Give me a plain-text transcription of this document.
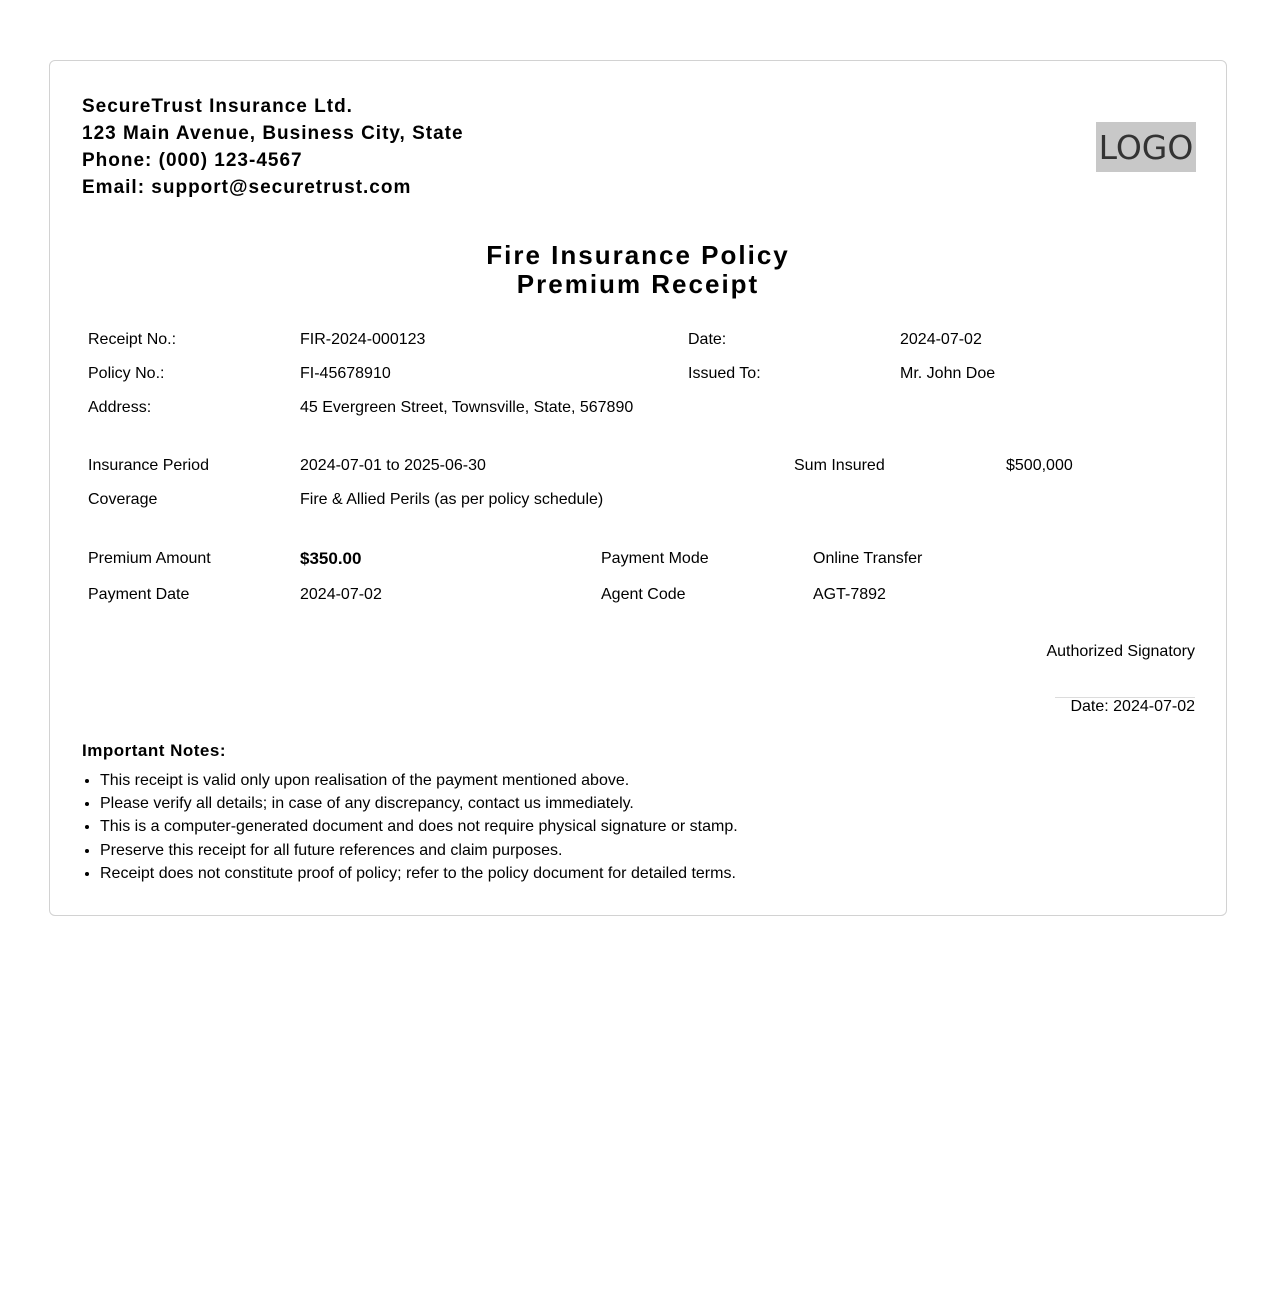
SecureTrust Insurance Ltd.
123 Main Avenue, Business City, State
Phone: (000) 123-4567
Email: support@securetrust.com
LOGO
Fire Insurance Policy
Premium Receipt
Receipt No.:	FIR-2024-000123	Date:	2024-07-02
Policy No.:	FI-45678910	Issued To:	Mr. John Doe
Address:	45 Evergreen Street, Townsville, State, 567890
Insurance Period	2024-07-01 to 2025-06-30	Sum Insured	$500,000
Coverage	Fire & Allied Perils (as per policy schedule)
Premium Amount	$350.00	Payment Mode	Online Transfer
Payment Date	2024-07-02	Agent Code	AGT-7892
Authorized Signatory
Date: 2024-07-02
Important Notes:
• This receipt is valid only upon realisation of the payment mentioned above.
• Please verify all details; in case of any discrepancy, contact us immediately.
• This is a computer-generated document and does not require physical signature or stamp.
• Preserve this receipt for all future references and claim purposes.
• Receipt does not constitute proof of policy; refer to the policy document for detailed terms.
